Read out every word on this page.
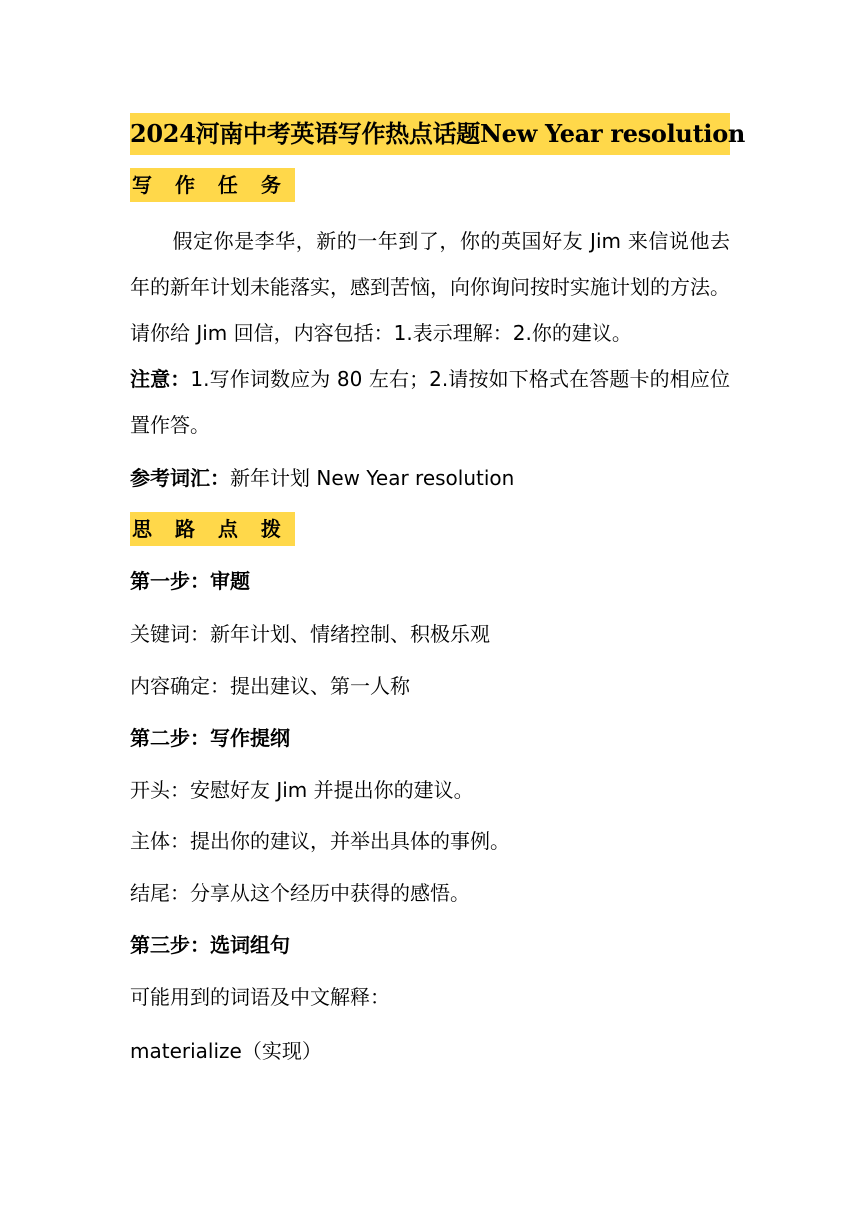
2024河南中考英语写作热点话题New Year resolution
写 作 任 务
假定你是李华，新的一年到了，你的英国好友 Jim 来信说他去年的新年计划未能落实，感到苦恼，向你询问按时实施计划的方法。请你给 Jim 回信，内容包括：1.表示理解：2.你的建议。
注意：1.写作词数应为 80 左右；2.请按如下格式在答题卡的相应位置作答。
参考词汇：新年计划 New Year resolution
思 路 点 拨
第一步：审题
关键词：新年计划、情绪控制、积极乐观
内容确定：提出建议、第一人称
第二步：写作提纲
开头：安慰好友 Jim 并提出你的建议。
主体：提出你的建议，并举出具体的事例。
结尾：分享从这个经历中获得的感悟。
第三步：选词组句
可能用到的词语及中文解释：
materialize（实现）
